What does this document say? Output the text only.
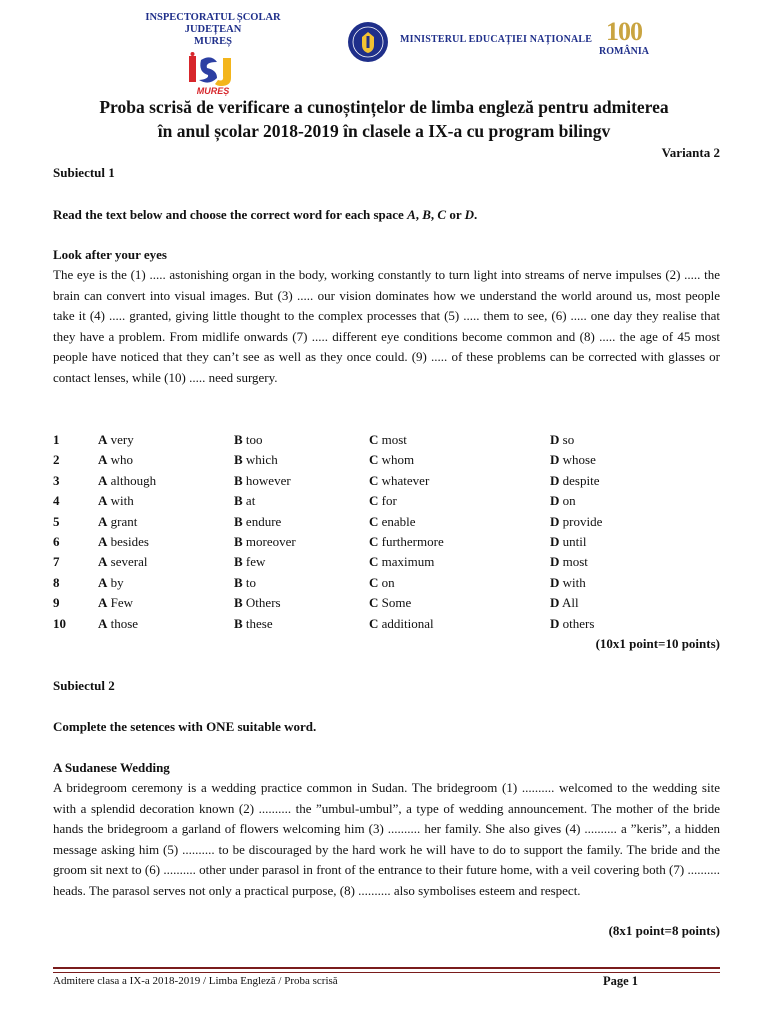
INSPECTORATUL ȘCOLAR JUDEȚEAN
MUREȘ
MUREȘ
MINISTERUL EDUCAȚIEI NAȚIONALE 100
ROMÂNIA
Proba scrisă de verificare a cunoștințelor de limba engleză pentru admiterea
în anul școlar 2018-2019 în clasele a IX-a cu program bilingv
Varianta 2
Subiectul 1
Read the text below and choose the correct word for each space A, B, C or D.
Look after your eyes
The eye is the (1) ..... astonishing organ in the body, working constantly to turn light into streams of nerve impulses (2) ..... the brain can convert into visual images. But (3) ..... our vision dominates how we understand the world around us, most people take it (4) ..... granted, giving little thought to the complex processes that (5) ..... them to see, (6) ..... one day they realise that they have a problem. From midlife onwards (7) ..... different eye conditions become common and (8) ..... the age of 45 most people have noticed that they can’t see as well as they once could. (9) ..... of these problems can be corrected with glasses or contact lenses, while (10) ..... need surgery.
1	A very	B too	C most	D so
2	A who	B which	C whom	D whose
3	A although	B however	C whatever	D despite
4	A with	B at	C for	D on
5	A grant	B endure	C enable	D provide
6	A besides	B moreover	C furthermore	D until
7	A several	B few	C maximum	D most
8	A by	B to	C on	D with
9	A Few	B Others	C Some	D All
10 A those	B these	C additional	D others
(10x1 point=10 points)
Subiectul 2
Complete the setences with ONE suitable word.
A Sudanese Wedding
A bridegroom ceremony is a wedding practice common in Sudan. The bridegroom (1) .......... welcomed to the wedding site with a splendid decoration known (2) .......... the ”umbul-umbul”, a type of wedding announcement. The mother of the bride hands the bridegroom a garland of flowers welcoming him (3) .......... her family. She also gives (4) .......... a ”keris”, a hidden message asking him (5) .......... to be discouraged by the hard work he will have to do to support the family. The bride and the groom sit next to (6) .......... other under parasol in front of the entrance to their future home, with a veil covering both (7) .......... heads. The parasol serves not only a practical purpose, (8) .......... also symbolises esteem and respect.
(8x1 point=8 points)
Admitere clasa a IX-a 2018-2019 / Limba Engleză / Proba scrisă	Page 1
